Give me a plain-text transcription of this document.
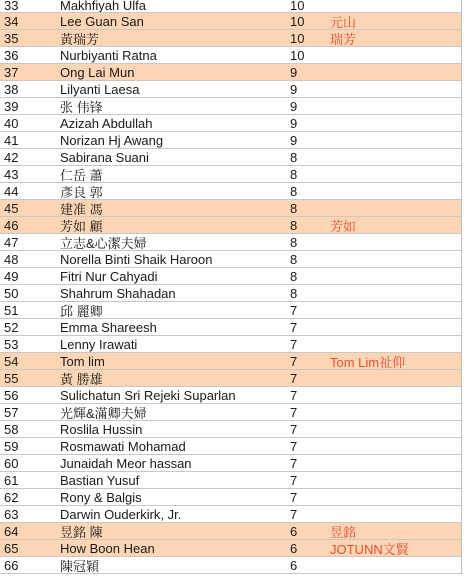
33	Makhfiyah Ulfa	10
34	Lee Guan San	10	元山
35	黃瑞芳	10	瑞芳
36	Nurbiyanti Ratna	10
37	Ong Lai Mun	9
38	Lilyanti Laesa	9
39	张 伟锋	9
40	Azizah Abdullah	9
41	Norizan Hj Awang	9
42	Sabirana Suani	8
43	仁岳 蕭	8
44	彥良 郭	8
45	建准 馮	8
46	芳如 顧	8	芳如
47	立志&心潔夫婦	8
48	Norella Binti Shaik Haroon	8
49	Fitri Nur Cahyadi	8
50	Shahrum Shahadan	8
51	邱 麗卿	7
52	Emma Shareesh	7
53	Lenny Irawati	7
54	Tom lim	7	Tom Lim祉仰
55	黃 勝雄	7
56	Sulichatun Sri Rejeki Suparlan	7
57	光輝&滿卿夫婦	7
58	Roslila Hussin	7
59	Rosmawati Mohamad	7
60	Junaidah Meor hassan	7
61	Bastian Yusuf	7
62	Rony & Balgis	7
63	Darwin Ouderkirk, Jr.	7
64	昱銘 陳	6	昱銘
65	How Boon Hean	6	JOTUNN文賢
66	陳冠穎	6
